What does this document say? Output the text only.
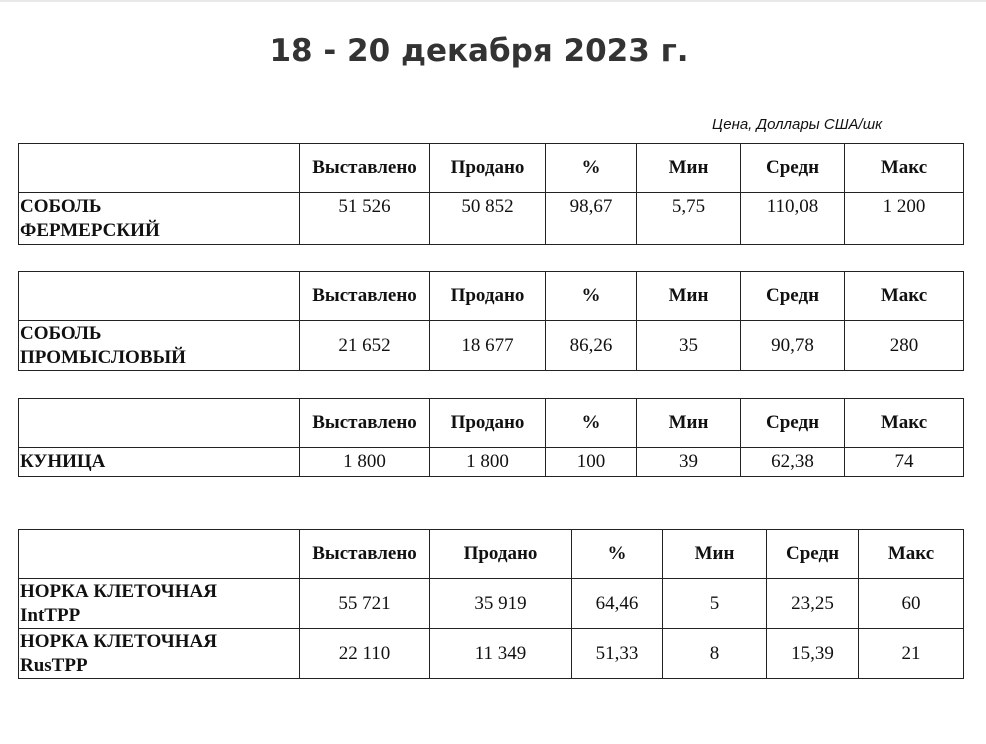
18 - 20 декабря 2023 г.
Цена, Доллары США/шк
	Выставлено	Продано	%	Мин	Средн	Макс
СОБОЛЬ
ФЕРМЕРСКИЙ	51 526	50 852	98,67	5,75	110,08	1 200
	Выставлено	Продано	%	Мин	Средн	Макс
СОБОЛЬ
ПРОМЫСЛОВЫЙ	21 652	18 677	86,26	35	90,78	280
	Выставлено	Продано	%	Мин	Средн	Макс
КУНИЦА	1 800	1 800	100	39	62,38	74
	Выставлено	Продано	%	Мин	Средн	Макс
НОРКА КЛЕТОЧНАЯ
IntTPP	55 721	35 919	64,46	5	23,25	60
НОРКА КЛЕТОЧНАЯ
RusTPP	22 110	11 349	51,33	8	15,39	21
